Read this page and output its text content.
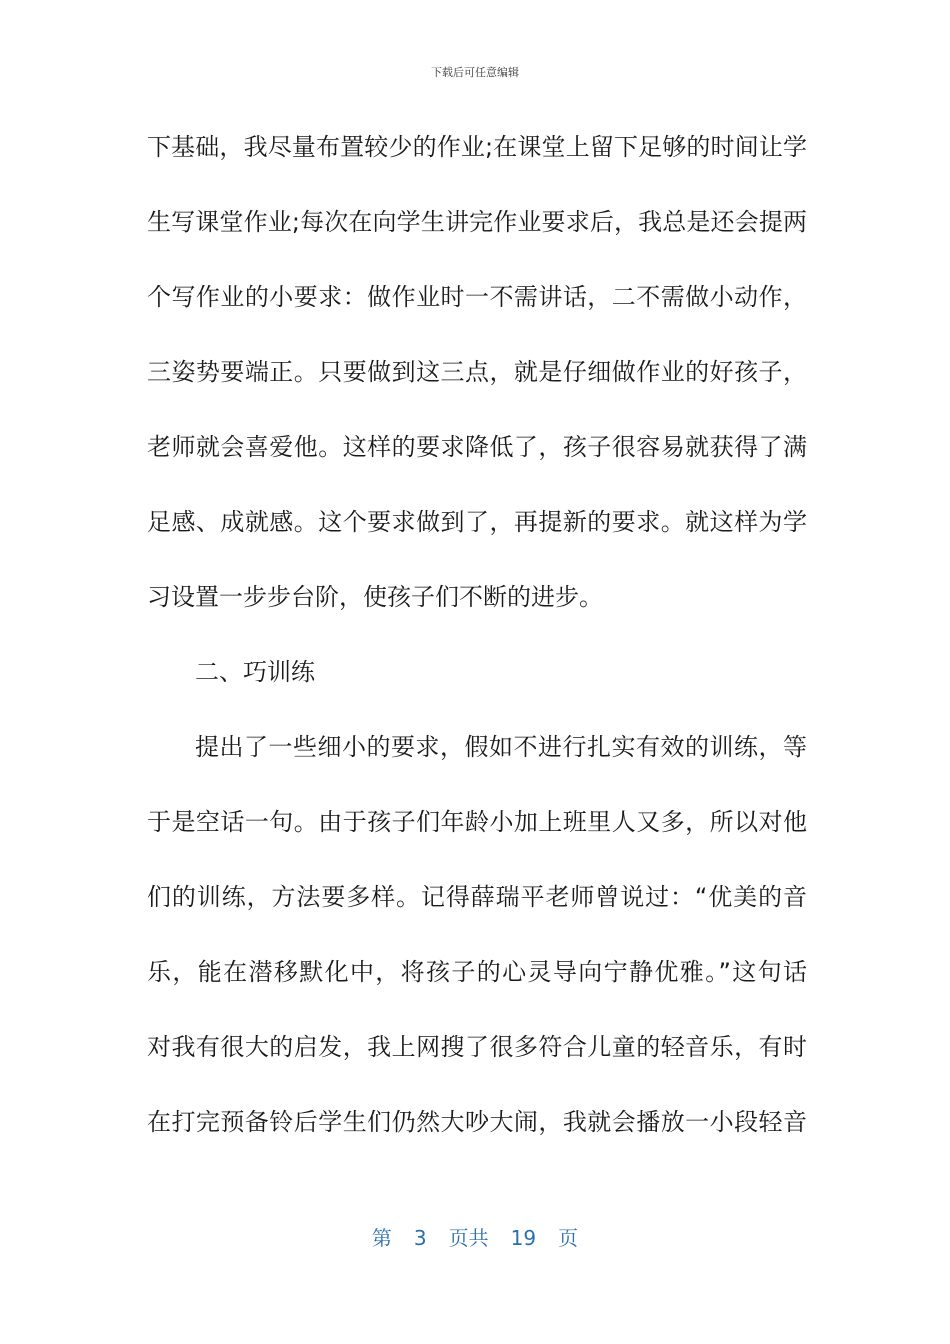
下载后可任意编辑
下基础，我尽量布置较少的作业;在课堂上留下足够的时间让学
生写课堂作业;每次在向学生讲完作业要求后，我总是还会提两
个写作业的小要求：做作业时一不需讲话，二不需做小动作，
三姿势要端正。只要做到这三点，就是仔细做作业的好孩子，
老师就会喜爱他。这样的要求降低了，孩子很容易就获得了满
足感、成就感。这个要求做到了，再提新的要求。就这样为学
习设置一步步台阶，使孩子们不断的进步。
二、巧训练
提出了一些细小的要求，假如不进行扎实有效的训练，等
于是空话一句。由于孩子们年龄小加上班里人又多，所以对他
们的训练，方法要多样。记得薛瑞平老师曾说过：“优美的音
乐，能在潜移默化中，将孩子的心灵导向宁静优雅。”这句话
对我有很大的启发，我上网搜了很多符合儿童的轻音乐，有时
在打完预备铃后学生们仍然大吵大闹，我就会播放一小段轻音
第 3 页共 19 页
